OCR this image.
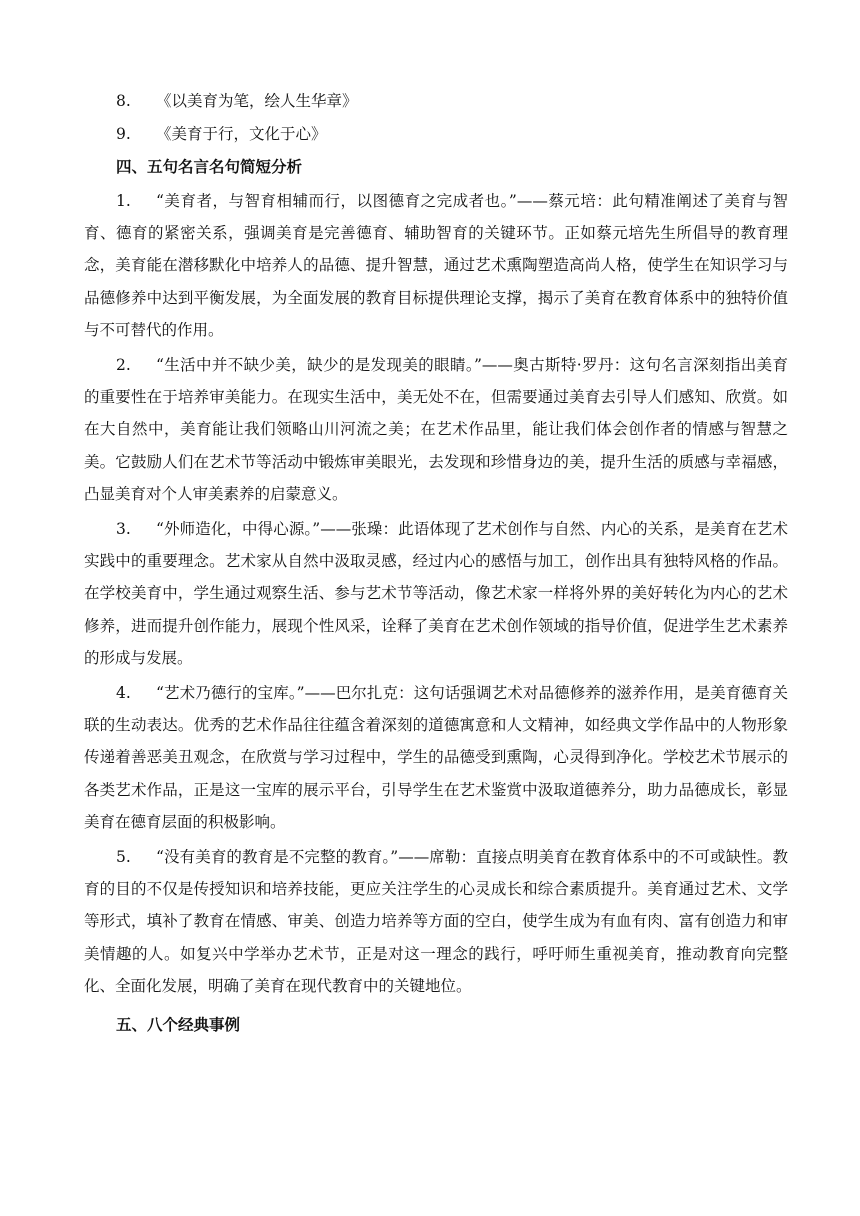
8. 《以美育为笔，绘人生华章》
9. 《美育于行，文化于心》
四、五句名言名句简短分析

1. “美育者，与智育相辅而行，以图德育之完成者也。”——蔡元培：此句精准阐述了美育与智育、德育的紧密关系，强调美育是完善德育、辅助智育的关键环节。正如蔡元培先生所倡导的教育理念，美育能在潜移默化中培养人的品德、提升智慧，通过艺术熏陶塑造高尚人格，使学生在知识学习与品德修养中达到平衡发展，为全面发展的教育目标提供理论支撑，揭示了美育在教育体系中的独特价值与不可替代的作用。

2. “生活中并不缺少美，缺少的是发现美的眼睛。”——奥古斯特·罗丹：这句名言深刻指出美育的重要性在于培养审美能力。在现实生活中，美无处不在，但需要通过美育去引导人们感知、欣赏。如在大自然中，美育能让我们领略山川河流之美；在艺术作品里，能让我们体会创作者的情感与智慧之美。它鼓励人们在艺术节等活动中锻炼审美眼光，去发现和珍惜身边的美，提升生活的质感与幸福感，凸显美育对个人审美素养的启蒙意义。

3. “外师造化，中得心源。”——张璪：此语体现了艺术创作与自然、内心的关系，是美育在艺术实践中的重要理念。艺术家从自然中汲取灵感，经过内心的感悟与加工，创作出具有独特风格的作品。在学校美育中，学生通过观察生活、参与艺术节等活动，像艺术家一样将外界的美好转化为内心的艺术修养，进而提升创作能力，展现个性风采，诠释了美育在艺术创作领域的指导价值，促进学生艺术素养的形成与发展。

4. “艺术乃德行的宝库。”——巴尔扎克：这句话强调艺术对品德修养的滋养作用，是美育德育关联的生动表达。优秀的艺术作品往往蕴含着深刻的道德寓意和人文精神，如经典文学作品中的人物形象传递着善恶美丑观念，在欣赏与学习过程中，学生的品德受到熏陶，心灵得到净化。学校艺术节展示的各类艺术作品，正是这一宝库的展示平台，引导学生在艺术鉴赏中汲取道德养分，助力品德成长，彰显美育在德育层面的积极影响。

5. “没有美育的教育是不完整的教育。”——席勒：直接点明美育在教育体系中的不可或缺性。教育的目的不仅是传授知识和培养技能，更应关注学生的心灵成长和综合素质提升。美育通过艺术、文学等形式，填补了教育在情感、审美、创造力培养等方面的空白，使学生成为有血有肉、富有创造力和审美情趣的人。如复兴中学举办艺术节，正是对这一理念的践行，呼吁师生重视美育，推动教育向完整化、全面化发展，明确了美育在现代教育中的关键地位。

五、八个经典事例
